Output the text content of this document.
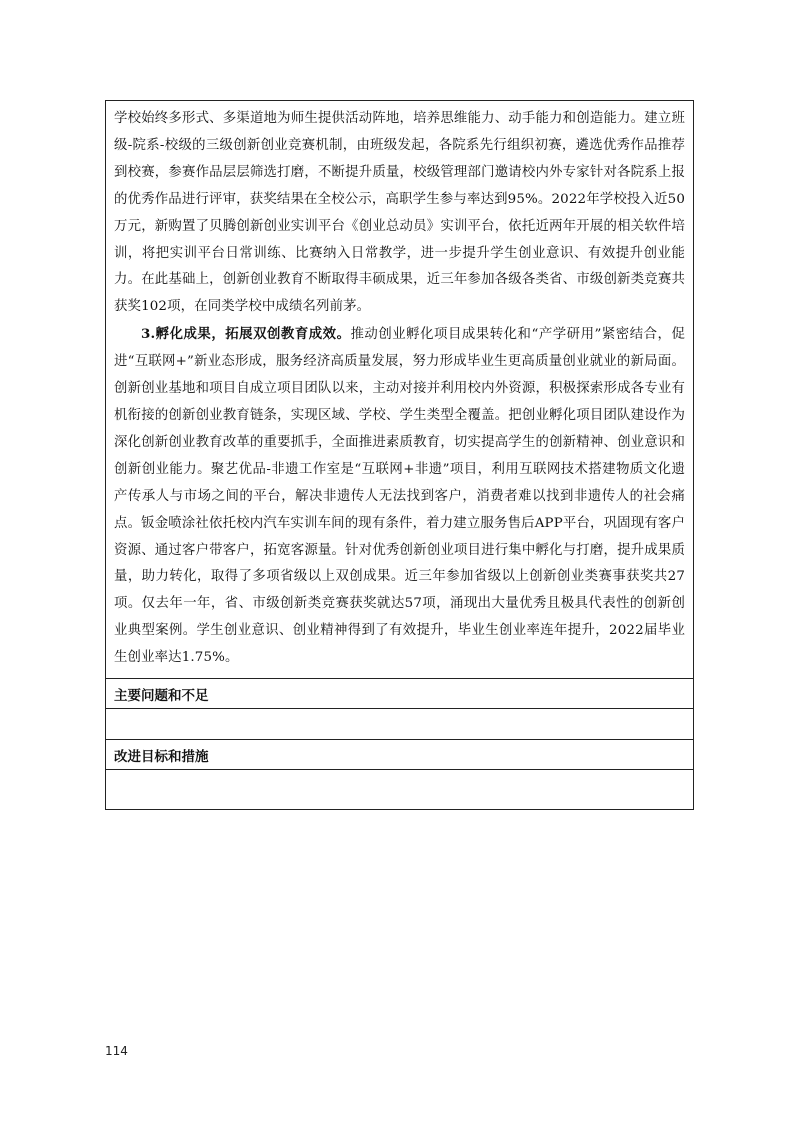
学校始终多形式、多渠道地为师生提供活动阵地，培养思维能力、动手能力和创造能力。建立班级-院系-校级的三级创新创业竞赛机制，由班级发起，各院系先行组织初赛，遴选优秀作品推荐到校赛，参赛作品层层筛选打磨，不断提升质量，校级管理部门邀请校内外专家针对各院系上报的优秀作品进行评审，获奖结果在全校公示，高职学生参与率达到95%。2022年学校投入近50万元，新购置了贝腾创新创业实训平台《创业总动员》实训平台，依托近两年开展的相关软件培训，将把实训平台日常训练、比赛纳入日常教学，进一步提升学生创业意识、有效提升创业能力。在此基础上，创新创业教育不断取得丰硕成果，近三年参加各级各类省、市级创新类竞赛共获奖102项，在同类学校中成绩名列前茅。

3.孵化成果，拓展双创教育成效。推动创业孵化项目成果转化和“产学研用”紧密结合，促进“互联网+”新业态形成，服务经济高质量发展，努力形成毕业生更高质量创业就业的新局面。创新创业基地和项目自成立项目团队以来，主动对接并利用校内外资源，积极探索形成各专业有机衔接的创新创业教育链条，实现区域、学校、学生类型全覆盖。把创业孵化项目团队建设作为深化创新创业教育改革的重要抓手，全面推进素质教育，切实提高学生的创新精神、创业意识和创新创业能力。聚艺优品-非遗工作室是“互联网+非遗”项目，利用互联网技术搭建物质文化遗产传承人与市场之间的平台，解决非遗传人无法找到客户，消费者难以找到非遗传人的社会痛点。钣金喷涂社依托校内汽车实训车间的现有条件，着力建立服务售后APP平台，巩固现有客户资源、通过客户带客户，拓宽客源量。针对优秀创新创业项目进行集中孵化与打磨，提升成果质量，助力转化，取得了多项省级以上双创成果。近三年参加省级以上创新创业类赛事获奖共27项。仅去年一年，省、市级创新类竞赛获奖就达57项，涌现出大量优秀且极具代表性的创新创业典型案例。学生创业意识、创业精神得到了有效提升，毕业生创业率连年提升，2022届毕业生创业率达1.75%。

主要问题和不足
改进目标和措施
114
